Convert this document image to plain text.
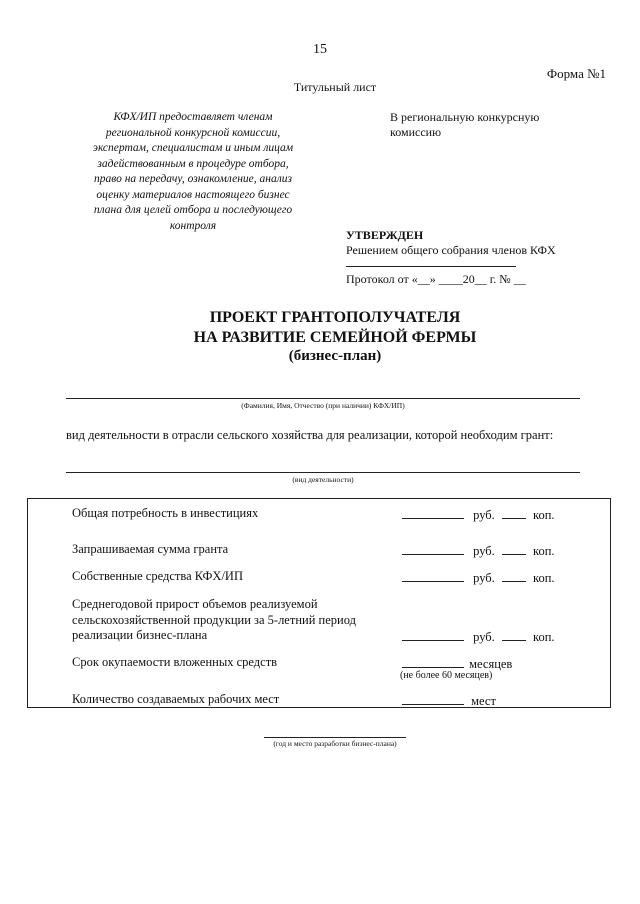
15
Форма №1
Титульный лист
КФХ/ИП предоставляет членам
региональной конкурсной комиссии,
экспертам, специалистам и иным лицам
задействованным в процедуре отбора,
право на передачу, ознакомление, анализ
оценку материалов настоящего бизнес
плана для целей отбора и последующего
контроля
В региональную конкурсную
комиссию
УТВЕРЖДЕН
Решением общего собрания членов КФХ
Протокол от «__» ____20__ г. № __
ПРОЕКТ ГРАНТОПОЛУЧАТЕЛЯ
НА РАЗВИТИЕ СЕМЕЙНОЙ ФЕРМЫ
(бизнес-план)
(Фамилия, Имя, Отчество (при наличии) КФХ/ИП)
вид деятельности в отрасли сельского хозяйства для реализации, которой необходим грант:
(вид деятельности)
Общая потребность в инвестициях	руб.	коп.
Запрашиваемая сумма гранта	руб.	коп.
Собственные средства КФХ/ИП	руб.	коп.
Среднегодовой прирост объемов реализуемой
сельскохозяйственной продукции за 5-летний период
реализации бизнес-плана	руб.	коп.
Срок окупаемости вложенных средств	месяцев
(не более 60 месяцев)
Количество создаваемых рабочих мест	мест
(год и место разработки бизнес-плана)
